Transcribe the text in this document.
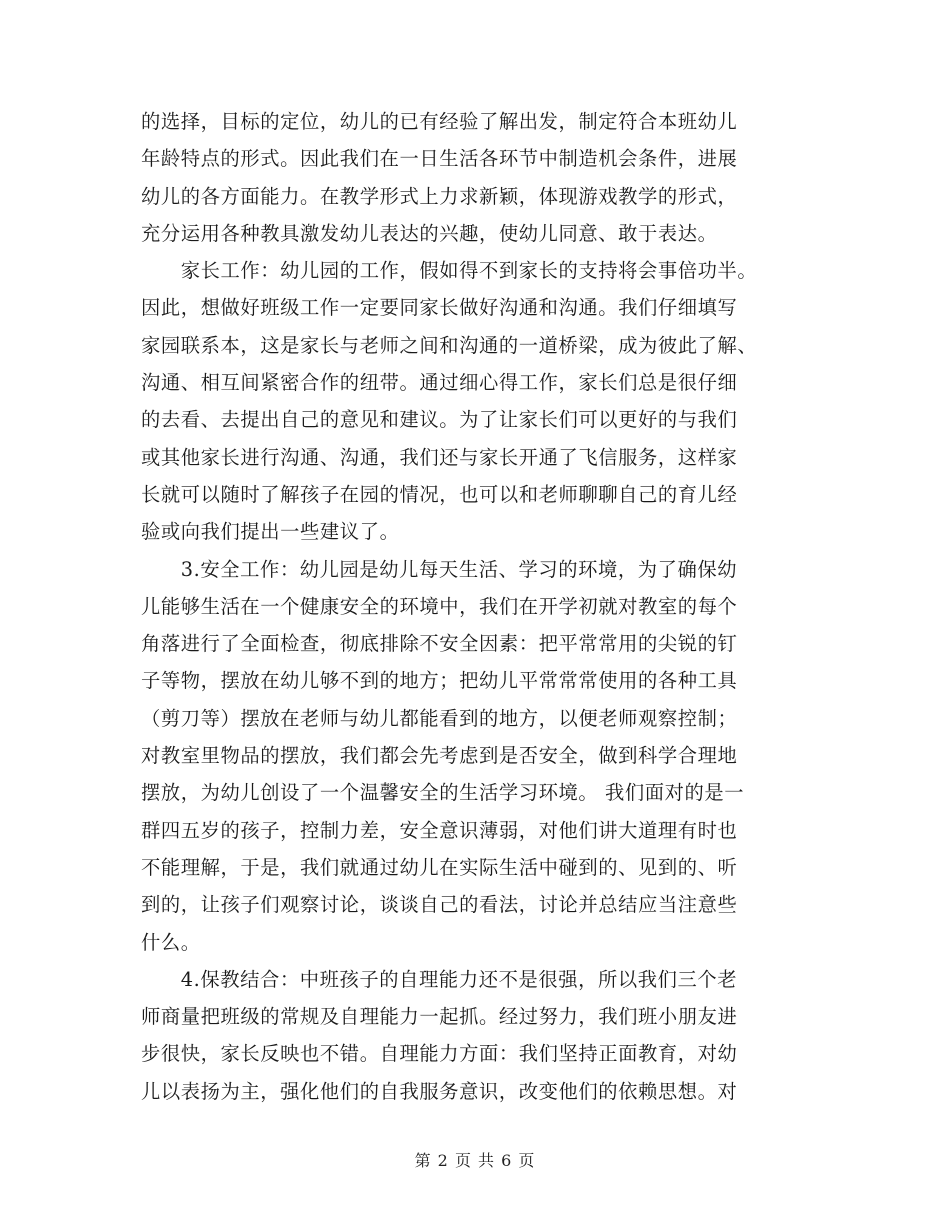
的选择，目标的定位，幼儿的已有经验了解出发，制定符合本班幼儿
年龄特点的形式。因此我们在一日生活各环节中制造机会条件，进展
幼儿的各方面能力。在教学形式上力求新颖，体现游戏教学的形式，
充分运用各种教具激发幼儿表达的兴趣，使幼儿同意、敢于表达。
　　家长工作：幼儿园的工作，假如得不到家长的支持将会事倍功半。
因此，想做好班级工作一定要同家长做好沟通和沟通。我们仔细填写
家园联系本，这是家长与老师之间和沟通的一道桥梁，成为彼此了解、
沟通、相互间紧密合作的纽带。通过细心得工作，家长们总是很仔细
的去看、去提出自己的意见和建议。为了让家长们可以更好的与我们
或其他家长进行沟通、沟通，我们还与家长开通了飞信服务，这样家
长就可以随时了解孩子在园的情况，也可以和老师聊聊自己的育儿经
验或向我们提出一些建议了。
　　3.安全工作：幼儿园是幼儿每天生活、学习的环境，为了确保幼
儿能够生活在一个健康安全的环境中，我们在开学初就对教室的每个
角落进行了全面检查，彻底排除不安全因素：把平常常用的尖锐的钉
子等物，摆放在幼儿够不到的地方；把幼儿平常常常使用的各种工具
（剪刀等）摆放在老师与幼儿都能看到的地方，以便老师观察控制；
对教室里物品的摆放，我们都会先考虑到是否安全，做到科学合理地
摆放，为幼儿创设了一个温馨安全的生活学习环境。 我们面对的是一
群四五岁的孩子，控制力差，安全意识薄弱，对他们讲大道理有时也
不能理解，于是，我们就通过幼儿在实际生活中碰到的、见到的、听
到的，让孩子们观察讨论，谈谈自己的看法，讨论并总结应当注意些
什么。
　　4.保教结合：中班孩子的自理能力还不是很强，所以我们三个老
师商量把班级的常规及自理能力一起抓。经过努力，我们班小朋友进
步很快，家长反映也不错。自理能力方面：我们坚持正面教育，对幼
儿以表扬为主，强化他们的自我服务意识，改变他们的依赖思想。对
第 2 页 共 6 页
